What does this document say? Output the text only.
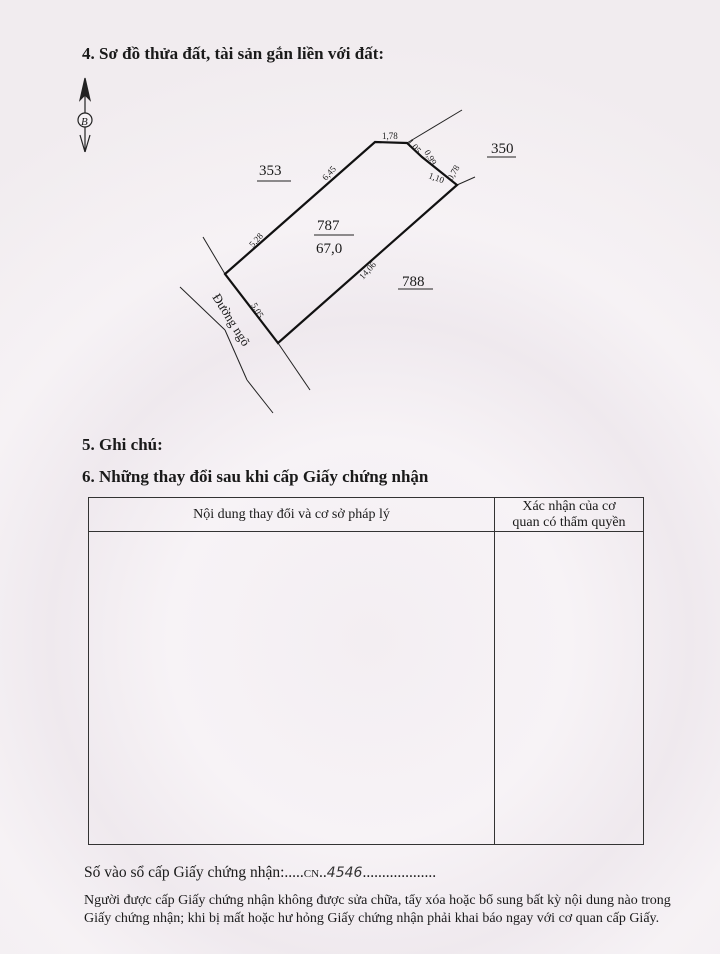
4. Sơ đồ thửa đất, tài sản gắn liền với đất:
B
787
67,0
353
350
788
Đường ngõ
1,78
1,05
0,99
1,10 0,78
14,06
5,05
5,28
6,45
5. Ghi chú:
6. Những thay đổi sau khi cấp Giấy chứng nhận
Nội dung thay đổi và cơ sở pháp lý	Xác nhận của cơ
quan có thẩm quyền

Số vào sổ cấp Giấy chứng nhận:.....CN..4546...................
Người được cấp Giấy chứng nhận không được sửa chữa, tẩy xóa hoặc bổ sung bất kỳ nội dung nào trong
Giấy chứng nhận; khi bị mất hoặc hư hỏng Giấy chứng nhận phải khai báo ngay với cơ quan cấp Giấy.
